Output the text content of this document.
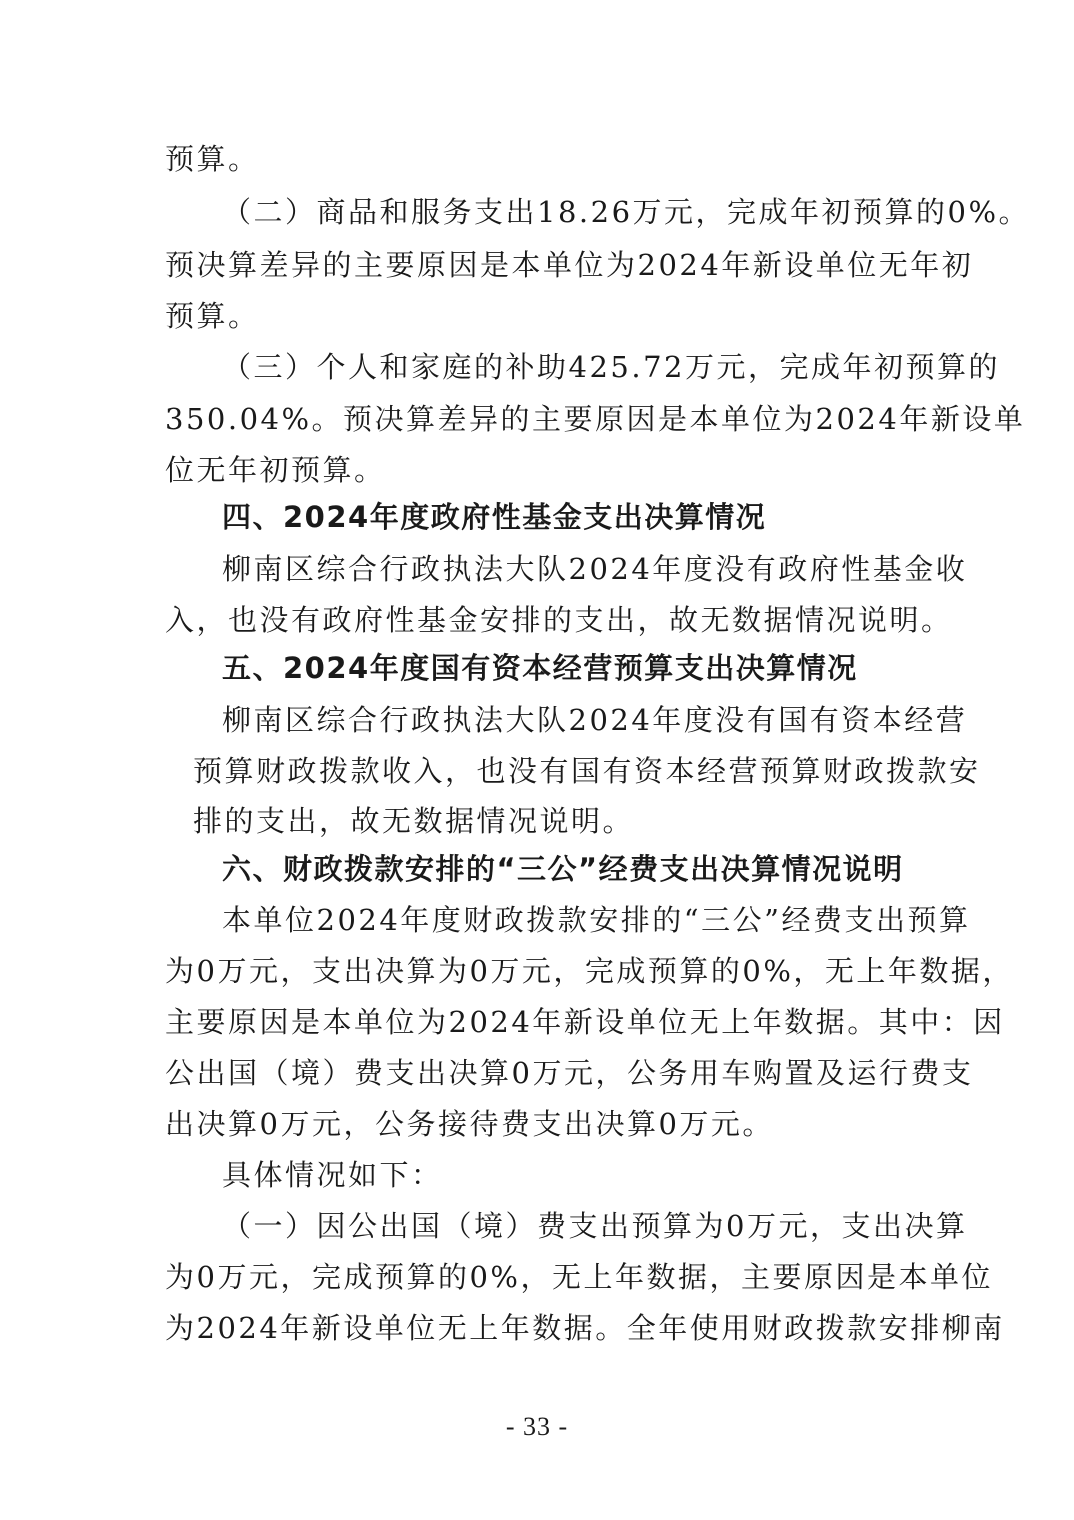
预算。
（二）商品和服务支出18.26万元，完成年初预算的0%。
预决算差异的主要原因是本单位为2024年新设单位无年初
预算。
（三）个人和家庭的补助425.72万元，完成年初预算的
350.04%。预决算差异的主要原因是本单位为2024年新设单
位无年初预算。
四、2024年度政府性基金支出决算情况
柳南区综合行政执法大队2024年度没有政府性基金收
入，也没有政府性基金安排的支出，故无数据情况说明。
五、2024年度国有资本经营预算支出决算情况
柳南区综合行政执法大队2024年度没有国有资本经营
预算财政拨款收入，也没有国有资本经营预算财政拨款安
排的支出，故无数据情况说明。
六、财政拨款安排的“三公”经费支出决算情况说明
本单位2024年度财政拨款安排的“三公”经费支出预算
为0万元，支出决算为0万元，完成预算的0%，无上年数据，
主要原因是本单位为2024年新设单位无上年数据。其中：因
公出国（境）费支出决算0万元，公务用车购置及运行费支
出决算0万元，公务接待费支出决算0万元。
具体情况如下：
（一）因公出国（境）费支出预算为0万元，支出决算
为0万元，完成预算的0%，无上年数据，主要原因是本单位
为2024年新设单位无上年数据。全年使用财政拨款安排柳南
- 33 -
